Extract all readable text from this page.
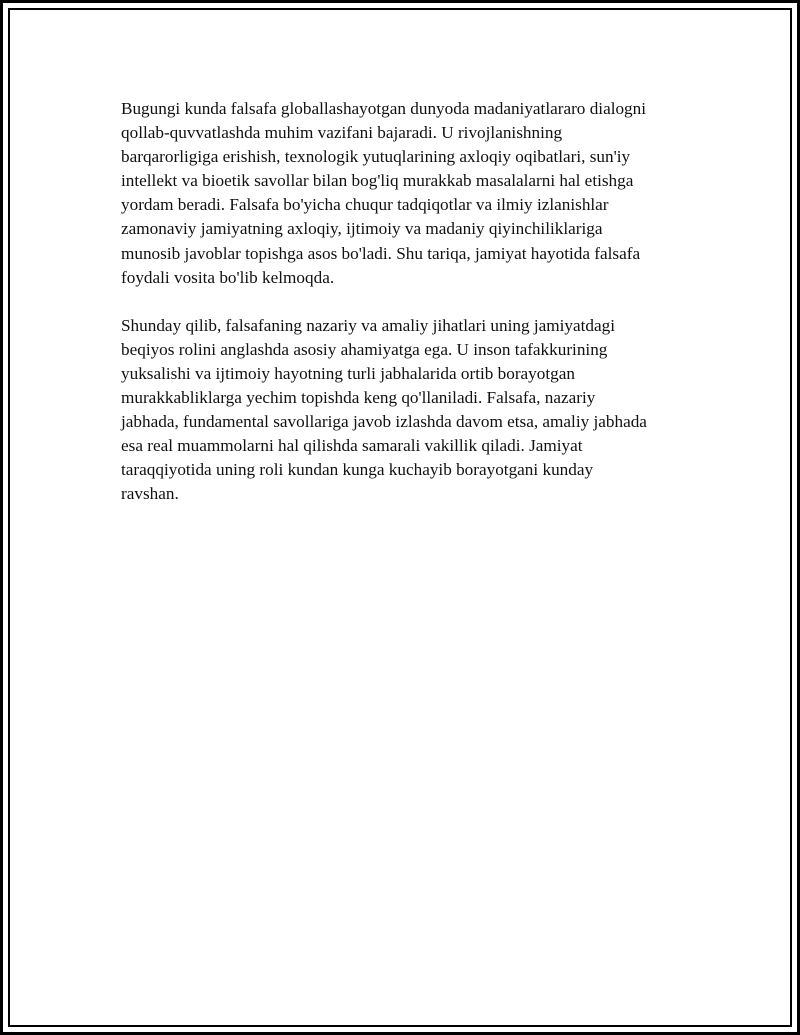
Bugungi kunda falsafa globallashayotgan dunyoda madaniyatlararo dialogni
qollab-quvvatlashda muhim vazifani bajaradi. U rivojlanishning
barqarorligiga erishish, texnologik yutuqlarining axloqiy oqibatlari, sun'iy
intellekt va bioetik savollar bilan bog'liq murakkab masalalarni hal etishga
yordam beradi. Falsafa bo'yicha chuqur tadqiqotlar va ilmiy izlanishlar
zamonaviy jamiyatning axloqiy, ijtimoiy va madaniy qiyinchiliklariga
munosib javoblar topishga asos bo'ladi. Shu tariqa, jamiyat hayotida falsafa
foydali vosita bo'lib kelmoqda.

Shunday qilib, falsafaning nazariy va amaliy jihatlari uning jamiyatdagi
beqiyos rolini anglashda asosiy ahamiyatga ega. U inson tafakkurining
yuksalishi va ijtimoiy hayotning turli jabhalarida ortib borayotgan
murakkabliklarga yechim topishda keng qo'llaniladi. Falsafa, nazariy
jabhada, fundamental savollariga javob izlashda davom etsa, amaliy jabhada
esa real muammolarni hal qilishda samarali vakillik qiladi. Jamiyat
taraqqiyotida uning roli kundan kunga kuchayib borayotgani kunday
ravshan.
